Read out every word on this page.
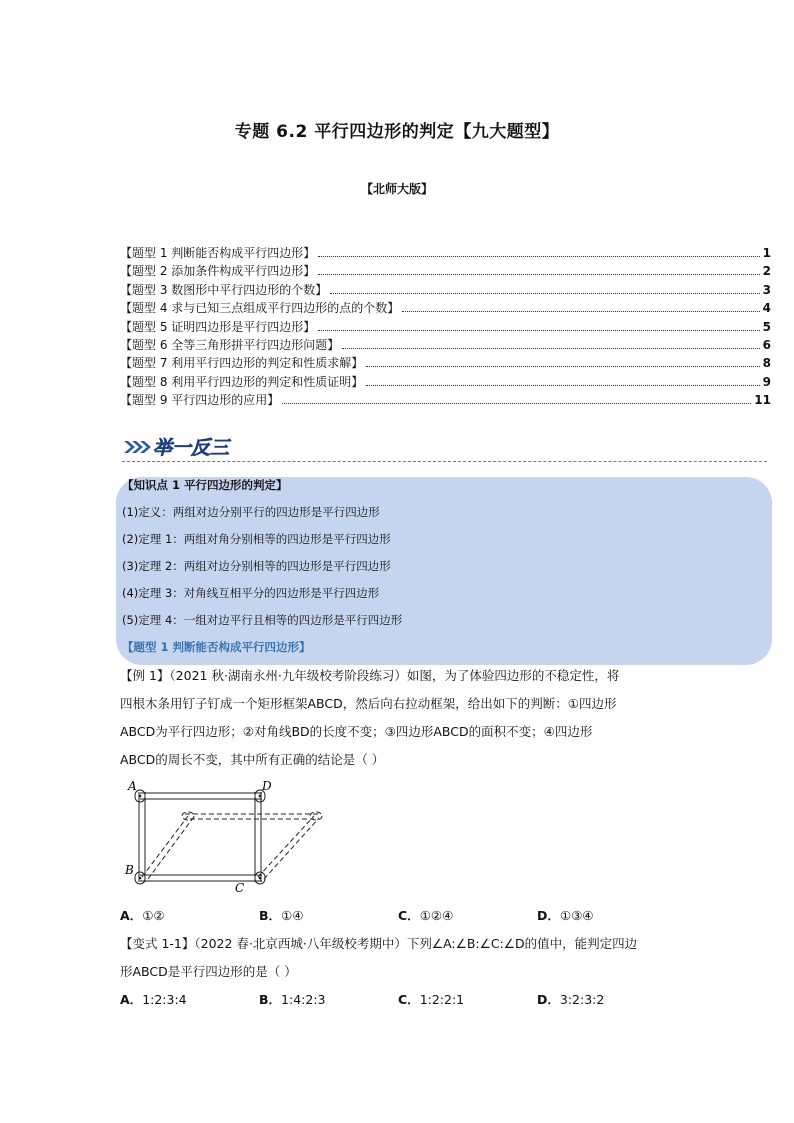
专题 6.2 平行四边形的判定【九大题型】
【北师大版】
【题型 1 判断能否构成平行四边形】	1
【题型 2 添加条件构成平行四边形】	2
【题型 3 数图形中平行四边形的个数】	3
【题型 4 求与已知三点组成平行四边形的点的个数】	4
【题型 5 证明四边形是平行四边形】	5
【题型 6 全等三角形拼平行四边形问题】	6
【题型 7 利用平行四边形的判定和性质求解】	8
【题型 8 利用平行四边形的判定和性质证明】	9
【题型 9 平行四边形的应用】	11
举一反三
【知识点 1 平行四边形的判定】
(1)定义：两组对边分别平行的四边形是平行四边形
(2)定理 1：两组对角分别相等的四边形是平行四边形
(3)定理 2：两组对边分别相等的四边形是平行四边形
(4)定理 3：对角线互相平分的四边形是平行四边形
(5)定理 4：一组对边平行且相等的四边形是平行四边形
【题型 1 判断能否构成平行四边形】
【例 1】（2021 秋·湖南永州·九年级校考阶段练习）如图，为了体验四边形的不稳定性，将
四根木条用钉子钉成一个矩形框架ABCD，然后向右拉动框架，给出如下的判断：①四边形
ABCD为平行四边形；②对角线BD的长度不变；③四边形ABCD的面积不变；④四边形
ABCD的周长不变，其中所有正确的结论是（ ）
A	D
B
C
A．①②	B．①④	C．①②④	D．①③④
【变式 1-1】（2022 春·北京西城·八年级校考期中）下列∠A:∠B:∠C:∠D的值中，能判定四边
形ABCD是平行四边形的是（ ）
A．1:2:3:4	B．1:4:2:3	C．1:2:2:1	D．3:2:3:2
